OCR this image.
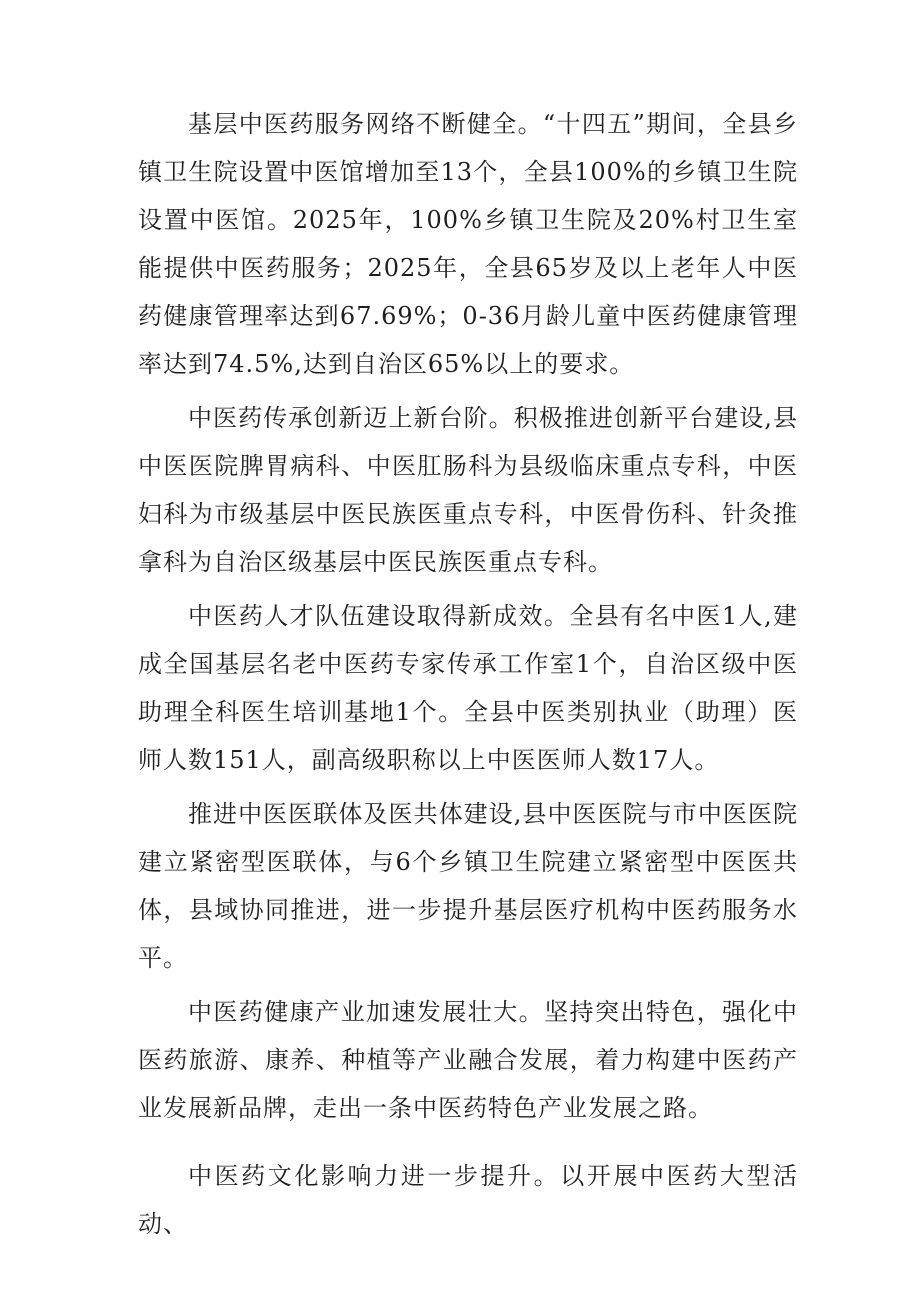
基层中医药服务网络不断健全。“十四五”期间，全县乡镇卫生院设置中医馆增加至13个，全县100%的乡镇卫生院设置中医馆。2025年，100%乡镇卫生院及20%村卫生室能提供中医药服务；2025年，全县65岁及以上老年人中医药健康管理率达到67.69%；0-36月龄儿童中医药健康管理率达到74.5%,达到自治区65%以上的要求。

中医药传承创新迈上新台阶。积极推进创新平台建设,县中医医院脾胃病科、中医肛肠科为县级临床重点专科，中医妇科为市级基层中医民族医重点专科，中医骨伤科、针灸推拿科为自治区级基层中医民族医重点专科。

中医药人才队伍建设取得新成效。全县有名中医1人,建成全国基层名老中医药专家传承工作室1个，自治区级中医助理全科医生培训基地1个。全县中医类别执业（助理）医师人数151人，副高级职称以上中医医师人数17人。

推进中医医联体及医共体建设,县中医医院与市中医医院建立紧密型医联体，与6个乡镇卫生院建立紧密型中医医共体，县域协同推进，进一步提升基层医疗机构中医药服务水平。

中医药健康产业加速发展壮大。坚持突出特色，强化中医药旅游、康养、种植等产业融合发展，着力构建中医药产业发展新品牌，走出一条中医药特色产业发展之路。

中医药文化影响力进一步提升。以开展中医药大型活动、
